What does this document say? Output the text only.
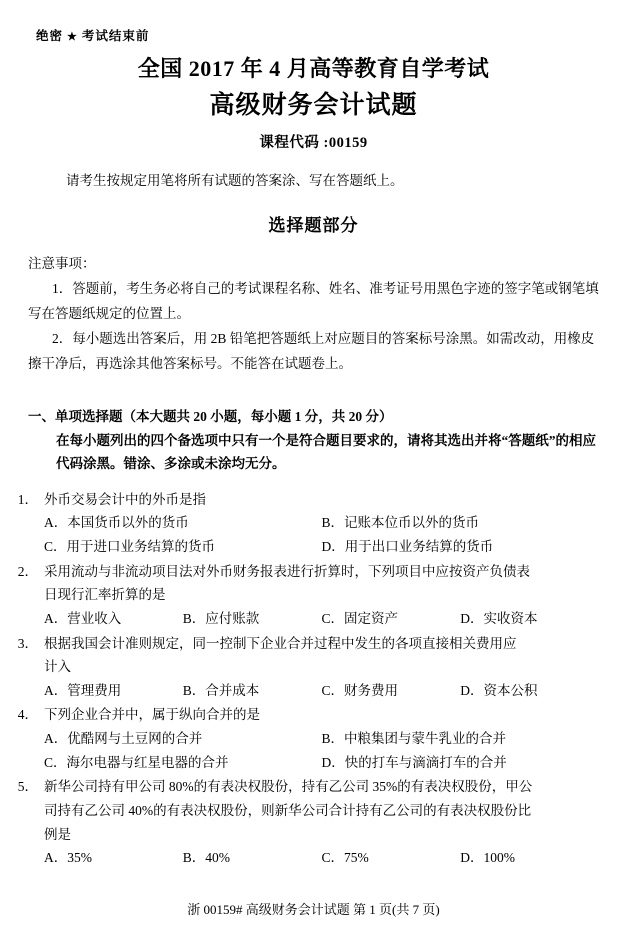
绝密 ★ 考试结束前
全国 2017 年 4 月高等教育自学考试
高级财务会计试题
课程代码 :00159
请考生按规定用笔将所有试题的答案涂、写在答题纸上。
选择题部分
注意事项：
1．答题前，考生务必将自己的考试课程名称、姓名、准考证号用黑色字迹的签字笔或钢笔填写在答题纸规定的位置上。
2．每小题选出答案后，用 2B 铅笔把答题纸上对应题目的答案标号涂黑。如需改动，用橡皮擦干净后，再选涂其他答案标号。不能答在试题卷上。
一、单项选择题（本大题共 20 小题，每小题 1 分，共 20 分）
在每小题列出的四个备选项中只有一个是符合题目要求的，请将其选出并将“答题纸”的相应代码涂黑。错涂、多涂或未涂均无分。
1． 外币交易会计中的外币是指
A．本国货币以外的货币	B．记账本位币以外的货币
C．用于进口业务结算的货币	D．用于出口业务结算的货币
2． 采用流动与非流动项目法对外币财务报表进行折算时，下列项目中应按资产负债表
日现行汇率折算的是
A．营业收入	B．应付账款	C．固定资产	D．实收资本
3． 根据我国会计准则规定，同一控制下企业合并过程中发生的各项直接相关费用应
计入
A．管理费用	B．合并成本	C．财务费用	D．资本公积
4． 下列企业合并中，属于纵向合并的是
A．优酷网与土豆网的合并	B．中粮集团与蒙牛乳业的合并
C．海尔电器与红星电器的合并	D．快的打车与滴滴打车的合并
5． 新华公司持有甲公司 80%的有表决权股份，持有乙公司 35%的有表决权股份，甲公
司持有乙公司 40%的有表决权股份，则新华公司合计持有乙公司的有表决权股份比
例是
A．35%	B．40%	C．75%	D．100%
浙 00159# 高级财务会计试题 第 1 页(共 7 页)
